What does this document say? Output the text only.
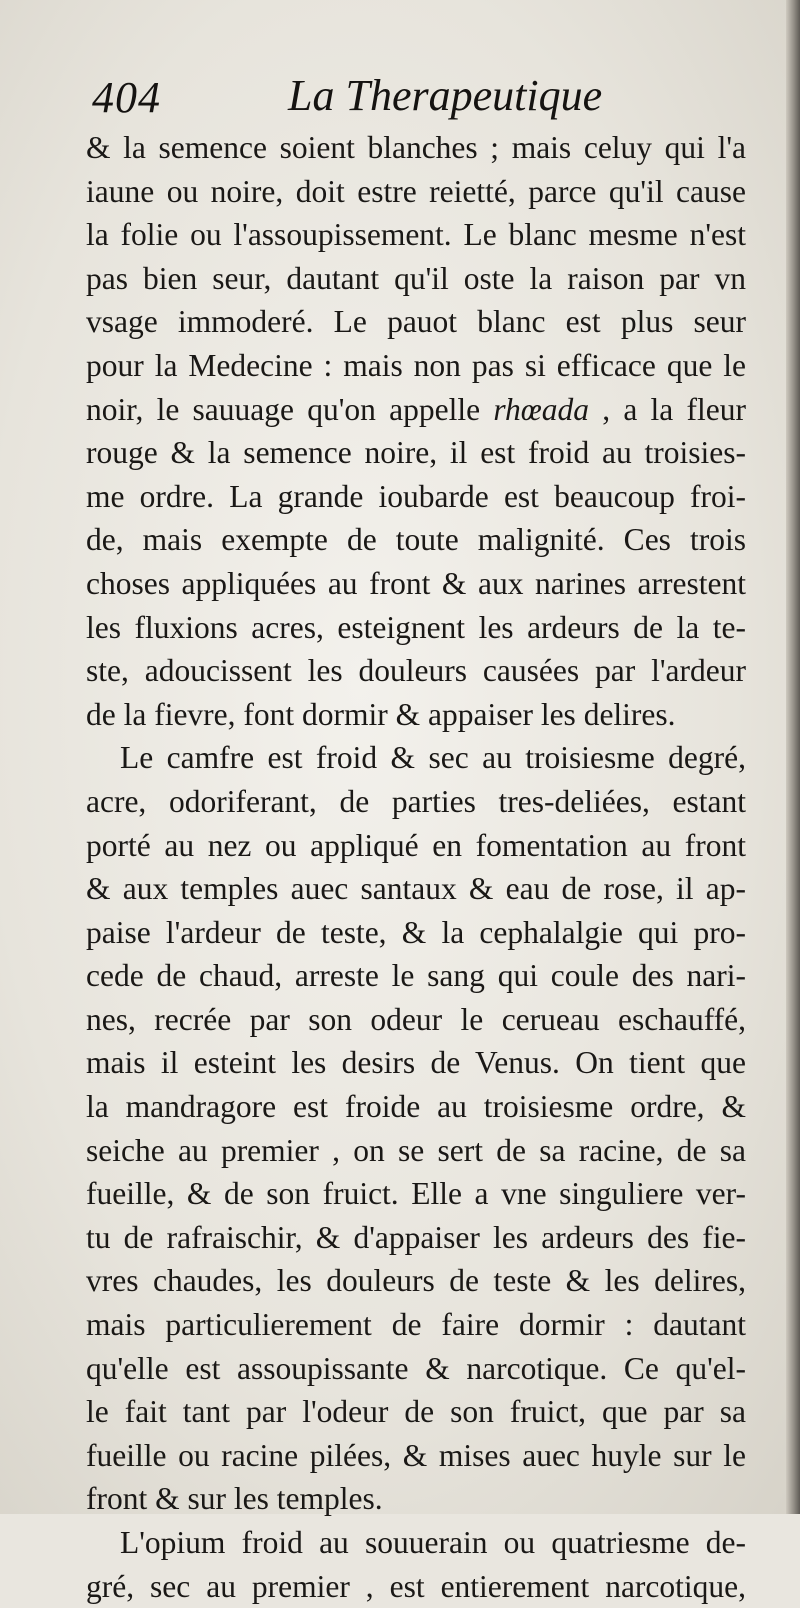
404	La Therapeutique
& la semence soient blanches ; mais celuy qui l'a
iaune ou noire, doit estre reietté, parce qu'il cause
la folie ou l'assoupissement. Le blanc mesme n'est
pas bien seur, dautant qu'il oste la raison par vn
vsage immoderé. Le pauot blanc est plus seur
pour la Medecine : mais non pas si efficace que le
noir, le sauuage qu'on appelle rhœada , a la fleur
rouge & la semence noire, il est froid au troisies-
me ordre. La grande ioubarde est beaucoup froi-
de, mais exempte de toute malignité. Ces trois
choses appliquées au front & aux narines arrestent
les fluxions acres, esteignent les ardeurs de la te-
ste, adoucissent les douleurs causées par l'ardeur
de la fievre, font dormir & appaiser les delires.
Le camfre est froid & sec au troisiesme degré,
acre, odoriferant, de parties tres-deliées, estant
porté au nez ou appliqué en fomentation au front
& aux temples auec santaux & eau de rose, il ap-
paise l'ardeur de teste, & la cephalalgie qui pro-
cede de chaud, arreste le sang qui coule des nari-
nes, recrée par son odeur le cerueau eschauffé,
mais il esteint les desirs de Venus. On tient que
la mandragore est froide au troisiesme ordre, &
seiche au premier , on se sert de sa racine, de sa
fueille, & de son fruict. Elle a vne singuliere ver-
tu de rafraischir, & d'appaiser les ardeurs des fie-
vres chaudes, les douleurs de teste & les delires,
mais particulierement de faire dormir : dautant
qu'elle est assoupissante & narcotique. Ce qu'el-
le fait tant par l'odeur de son fruict, que par sa
fueille ou racine pilées, & mises auec huyle sur le
front & sur les temples.
L'opium froid au souuerain ou quatriesme de-
gré, sec au premier , est entierement narcotique,
